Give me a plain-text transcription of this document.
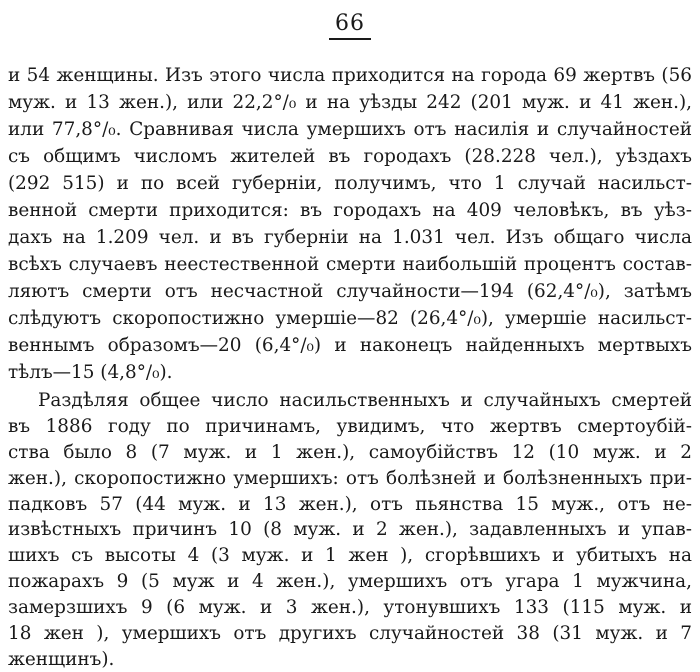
66
и 54 женщины. Изъ этого числа приходится на города 69 жертвъ (56
муж. и 13 жен.), или 22,2°/₀ и на уѣзды 242 (201 муж. и 41 жен.),
или 77,8°/₀. Сравнивая числа умершихъ отъ насилія и случайностей
съ общимъ числомъ жителей въ городахъ (28.228 чел.), уѣздахъ
(292 515) и по всей губерніи, получимъ, что 1 случай насильст-
венной смерти приходится: въ городахъ на 409 человѣкъ, въ уѣз-
дахъ на 1.209 чел. и въ губерніи на 1.031 чел. Изъ общаго числа
всѣхъ случаевъ неестественной смерти наибольшій процентъ состав-
ляютъ смерти отъ несчастной случайности—194 (62,4°/₀), затѣмъ
слѣдуютъ скоропостижно умершіе—82 (26,4°/₀), умершіе насильст-
веннымъ образомъ—20 (6,4°/₀) и наконецъ найденныхъ мертвыхъ
тѣлъ—15 (4,8°/₀).
Раздѣляя общее число насильственныхъ и случайныхъ смертей
въ 1886 году по причинамъ, увидимъ, что жертвъ смертоубій-
ства было 8 (7 муж. и 1 жен.), самоубійствъ 12 (10 муж. и 2
жен.), скоропостижно умершихъ: отъ болѣзней и болѣзненныхъ при-
падковъ 57 (44 муж. и 13 жен.), отъ пьянства 15 муж., отъ не-
извѣстныхъ причинъ 10 (8 муж. и 2 жен.), задавленныхъ и упав-
шихъ съ высоты 4 (3 муж. и 1 жен ), сгорѣвшихъ и убитыхъ на
пожарахъ 9 (5 муж и 4 жен.), умершихъ отъ угара 1 мужчина,
замерзшихъ 9 (6 муж. и 3 жен.), утонувшихъ 133 (115 муж. и
18 жен ), умершихъ отъ другихъ случайностей 38 (31 муж. и 7
женщинъ).
